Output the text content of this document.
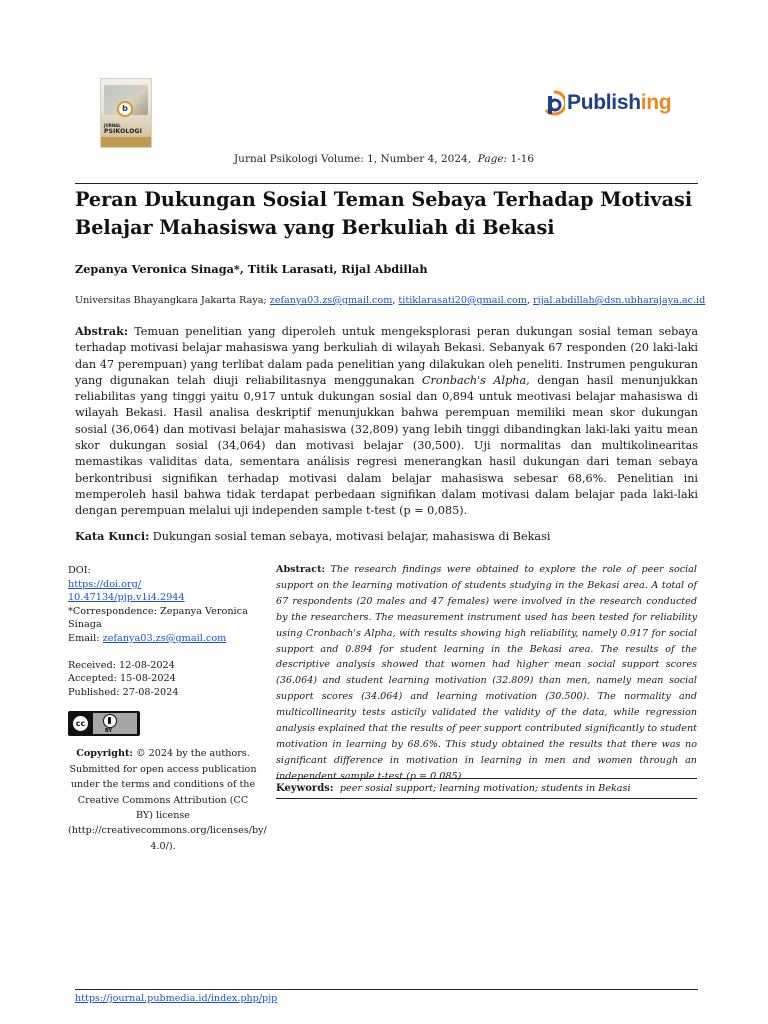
b
JURNAL
PSIKOLOGI
Publishing
Jurnal Psikologi Volume: 1, Number 4, 2024, Page: 1-16
Peran Dukungan Sosial Teman Sebaya Terhadap Motivasi Belajar Mahasiswa yang Berkuliah di Bekasi
Zepanya Veronica Sinaga*, Titik Larasati, Rijal Abdillah
Universitas Bhayangkara Jakarta Raya; zefanya03.zs@gmail.com, titiklarasati20@gmail.com, rijal.abdillah@dsn.ubharajaya.ac.id
Abstrak: Temuan penelitian yang diperoleh untuk mengeksplorasi peran dukungan sosial teman sebaya terhadap motivasi belajar mahasiswa yang berkuliah di wilayah Bekasi. Sebanyak 67 responden (20 laki-laki dan 47 perempuan) yang terlibat dalam pada penelitian yang dilakukan oleh peneliti. Instrumen pengukuran yang digunakan telah diuji reliabilitasnya menggunakan Cronbach's Alpha, dengan hasil menunjukkan reliabilitas yang tinggi yaitu 0,917 untuk dukungan sosial dan 0,894 untuk meotivasi belajar mahasiswa di wilayah Bekasi. Hasil analisa deskriptif menunjukkan bahwa perempuan memiliki mean skor dukungan sosial (36,064) dan motivasi belajar mahasiswa (32,809) yang lebih tinggi dibandingkan laki-laki yaitu mean skor dukungan sosial (34,064) dan motivasi belajar (30,500). Uji normalitas dan multikolinearitas memastikas validitas data, sementara análisis regresi menerangkan hasil dukungan dari teman sebaya berkontribusi signifikan terhadap motivasi dalam belajar mahasiswa sebesar 68,6%. Penelitian ini memperoleh hasil bahwa tidak terdapat perbedaan signifikan dalam motivasi dalam belajar pada laki-laki dengan perempuan melalui uji independen sample t-test (p = 0,085).
Kata Kunci: Dukungan sosial teman sebaya, motivasi belajar, mahasiswa di Bekasi

DOI:

https://doi.org/ 10.47134/pjp.v1i4.2944

*Correspondence: Zepanya Veronica Sinaga

Email: zefanya03.zs@gmail.com

Received: 12-08-2024

Accepted: 15-08-2024

Published: 27-08-2024

cc
BY
Copyright: © 2024 by the authors. Submitted for open access publication under the terms and conditions of the Creative Commons Attribution (CC BY) license (http://creativecommons.org/licenses/by/ 4.0/).
Abstract: The research findings were obtained to explore the role of peer social support on the learning motivation of students studying in the Bekasi area. A total of 67 respondents (20 males and 47 females) were involved in the research conducted by the researchers. The measurement instrument used has been tested for reliability using Cronbach's Alpha, with results showing high reliability, namely 0.917 for social support and 0.894 for student learning in the Bekasi area. The results of the descriptive analysis showed that women had higher mean social support scores (36.064) and student learning motivation (32.809) than men, namely mean social support scores (34.064) and learning motivation (30.500). The normality and multicollinearity tests asticily validated the validity of the data, while regression analysis explained that the results of peer support contributed significantly to student motivation in learning by 68.6%. This study obtained the results that there was no significant difference in motivation in learning in men and women through an independent sample t-test (p = 0.085).
Keywords: peer sosial support; learning motivation; students in Bekasi
https://journal.pubmedia.id/index.php/pjp
